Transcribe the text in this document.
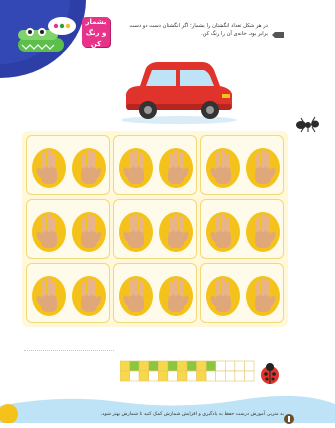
بشمار
و رنگ کن
در هر شکل تعداد انگشتان را بشمار؛ اگر انگشتان دست دو دست برابر بود، خانه‌ی آن را رنگ کن.
به متربی آموزش درست حفظ به یادگیری و افزایش شمارش کمک کنید تا شمارش بهتر شود.
